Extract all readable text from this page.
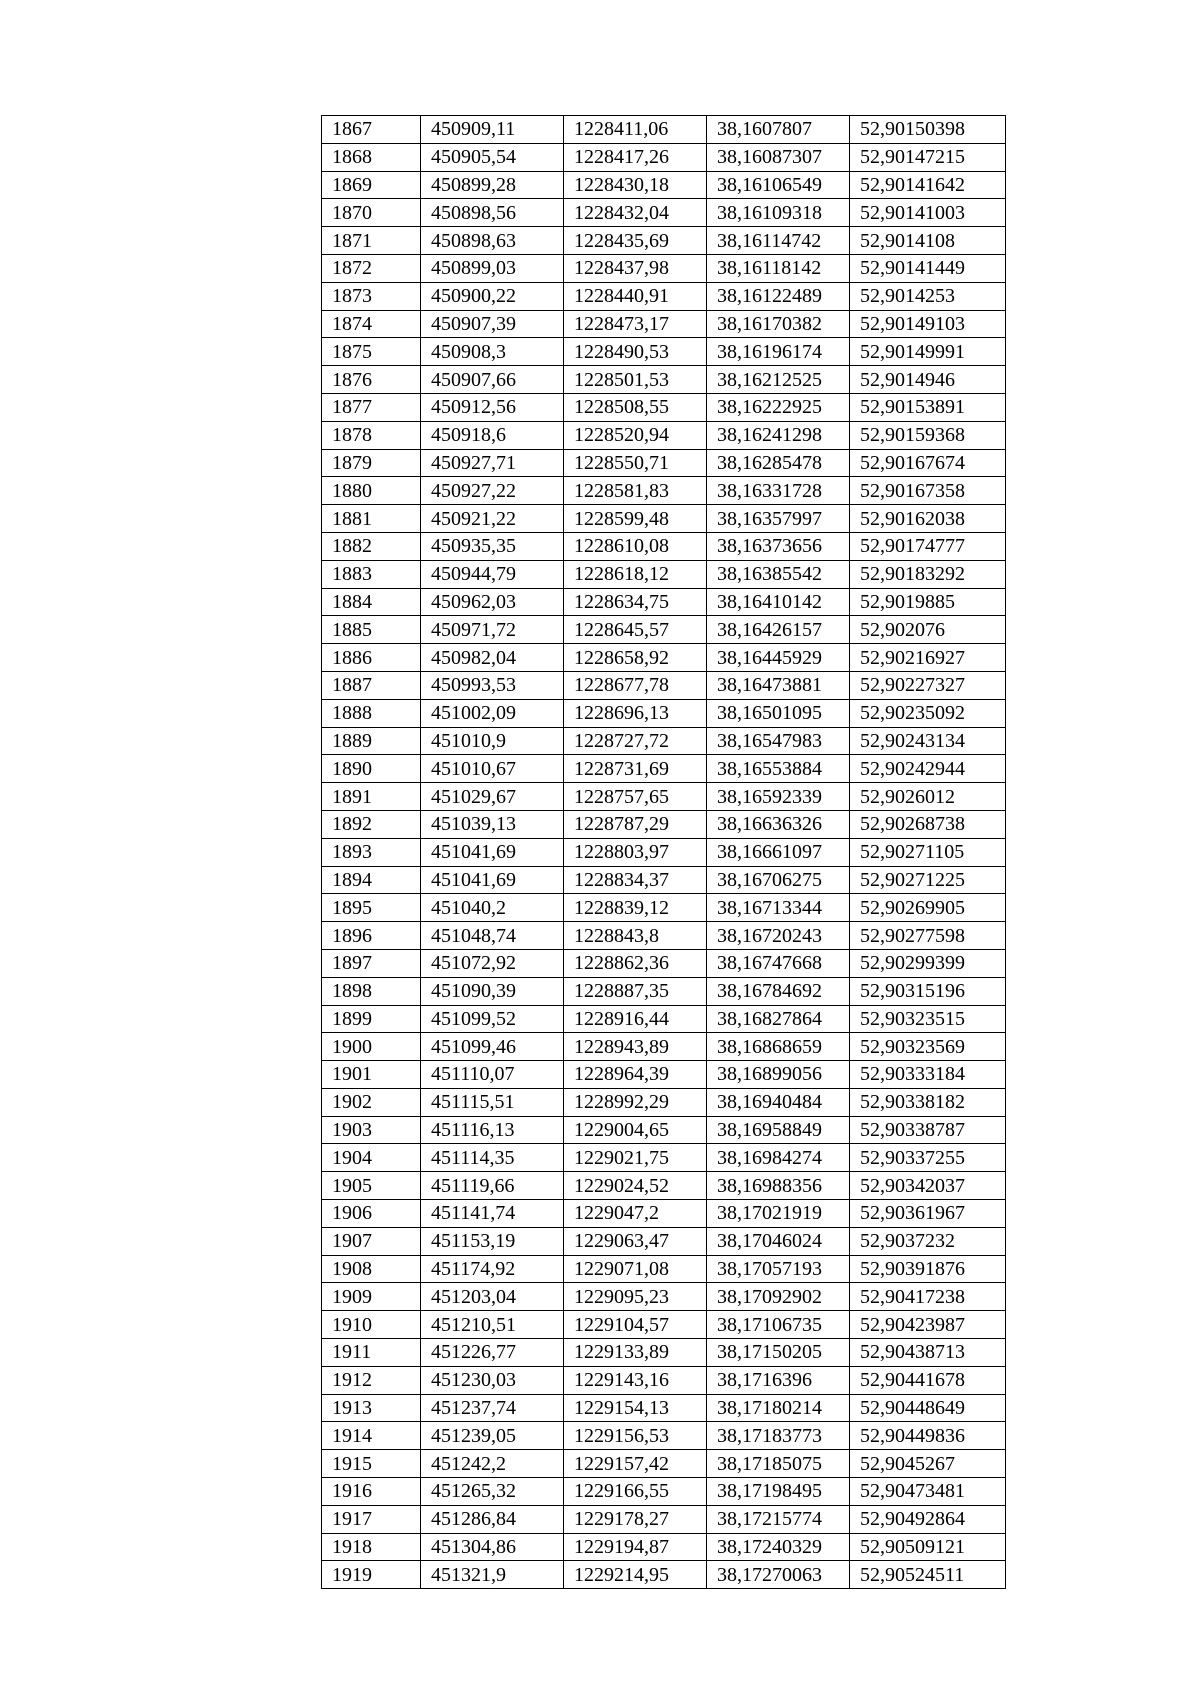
1867	450909,11	1228411,06	38,1607807	52,90150398
1868	450905,54	1228417,26	38,16087307	52,90147215
1869	450899,28	1228430,18	38,16106549	52,90141642
1870	450898,56	1228432,04	38,16109318	52,90141003
1871	450898,63	1228435,69	38,16114742	52,9014108
1872	450899,03	1228437,98	38,16118142	52,90141449
1873	450900,22	1228440,91	38,16122489	52,9014253
1874	450907,39	1228473,17	38,16170382	52,90149103
1875	450908,3	1228490,53	38,16196174	52,90149991
1876	450907,66	1228501,53	38,16212525	52,9014946
1877	450912,56	1228508,55	38,16222925	52,90153891
1878	450918,6	1228520,94	38,16241298	52,90159368
1879	450927,71	1228550,71	38,16285478	52,90167674
1880	450927,22	1228581,83	38,16331728	52,90167358
1881	450921,22	1228599,48	38,16357997	52,90162038
1882	450935,35	1228610,08	38,16373656	52,90174777
1883	450944,79	1228618,12	38,16385542	52,90183292
1884	450962,03	1228634,75	38,16410142	52,9019885
1885	450971,72	1228645,57	38,16426157	52,902076
1886	450982,04	1228658,92	38,16445929	52,90216927
1887	450993,53	1228677,78	38,16473881	52,90227327
1888	451002,09	1228696,13	38,16501095	52,90235092
1889	451010,9	1228727,72	38,16547983	52,90243134
1890	451010,67	1228731,69	38,16553884	52,90242944
1891	451029,67	1228757,65	38,16592339	52,9026012
1892	451039,13	1228787,29	38,16636326	52,90268738
1893	451041,69	1228803,97	38,16661097	52,90271105
1894	451041,69	1228834,37	38,16706275	52,90271225
1895	451040,2	1228839,12	38,16713344	52,90269905
1896	451048,74	1228843,8	38,16720243	52,90277598
1897	451072,92	1228862,36	38,16747668	52,90299399
1898	451090,39	1228887,35	38,16784692	52,90315196
1899	451099,52	1228916,44	38,16827864	52,90323515
1900	451099,46	1228943,89	38,16868659	52,90323569
1901	451110,07	1228964,39	38,16899056	52,90333184
1902	451115,51	1228992,29	38,16940484	52,90338182
1903	451116,13	1229004,65	38,16958849	52,90338787
1904	451114,35	1229021,75	38,16984274	52,90337255
1905	451119,66	1229024,52	38,16988356	52,90342037
1906	451141,74	1229047,2	38,17021919	52,90361967
1907	451153,19	1229063,47	38,17046024	52,9037232
1908	451174,92	1229071,08	38,17057193	52,90391876
1909	451203,04	1229095,23	38,17092902	52,90417238
1910	451210,51	1229104,57	38,17106735	52,90423987
1911	451226,77	1229133,89	38,17150205	52,90438713
1912	451230,03	1229143,16	38,1716396	52,90441678
1913	451237,74	1229154,13	38,17180214	52,90448649
1914	451239,05	1229156,53	38,17183773	52,90449836
1915	451242,2	1229157,42	38,17185075	52,9045267
1916	451265,32	1229166,55	38,17198495	52,90473481
1917	451286,84	1229178,27	38,17215774	52,90492864
1918	451304,86	1229194,87	38,17240329	52,90509121
1919	451321,9	1229214,95	38,17270063	52,90524511
